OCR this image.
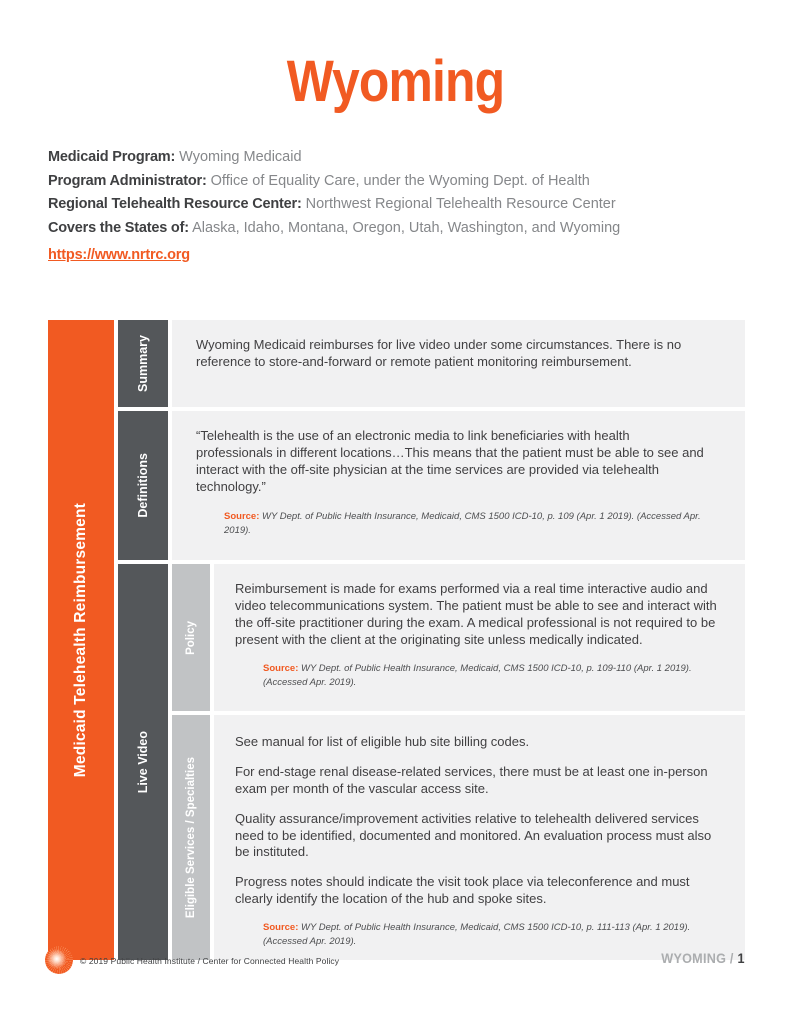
Wyoming
Medicaid Program: Wyoming Medicaid
Program Administrator: Office of Equality Care, under the Wyoming Dept. of Health
Regional Telehealth Resource Center: Northwest Regional Telehealth Resource Center
Covers the States of: Alaska, Idaho, Montana, Oregon, Utah, Washington, and Wyoming
https://www.nrtrc.org
Medicaid Telehealth Reimbursement
Summary
Definitions
Live Video
Policy
Eligible Services / Specialties

Wyoming Medicaid reimburses for live video under some circumstances. There is no reference to store-and-forward or remote patient monitoring reimbursement.

“Telehealth is the use of an electronic media to link beneficiaries with health professionals in different locations…This means that the patient must be able to see and interact with the off-site physician at the time services are provided via telehealth technology.”

Source: WY Dept. of Public Health Insurance, Medicaid, CMS 1500 ICD-10, p. 109 (Apr. 1 2019). (Accessed Apr. 2019).

Reimbursement is made for exams performed via a real time interactive audio and video telecommunications system. The patient must be able to see and interact with the off-site practitioner during the exam. A medical professional is not required to be present with the client at the originating site unless medically indicated.

Source: WY Dept. of Public Health Insurance, Medicaid, CMS 1500 ICD-10, p. 109-110 (Apr. 1 2019). (Accessed Apr. 2019).

See manual for list of eligible hub site billing codes.

For end-stage renal disease-related services, there must be at least one in-person exam per month of the vascular access site.

Quality assurance/improvement activities relative to telehealth delivered services need to be identified, documented and monitored. An evaluation process must also be instituted.

Progress notes should indicate the visit took place via teleconference and must clearly identify the location of the hub and spoke sites.

Source: WY Dept. of Public Health Insurance, Medicaid, CMS 1500 ICD-10, p. 111-113 (Apr. 1 2019). (Accessed Apr. 2019).
© 2019 Public Health Institute / Center for Connected Health Policy	WYOMING / 1
